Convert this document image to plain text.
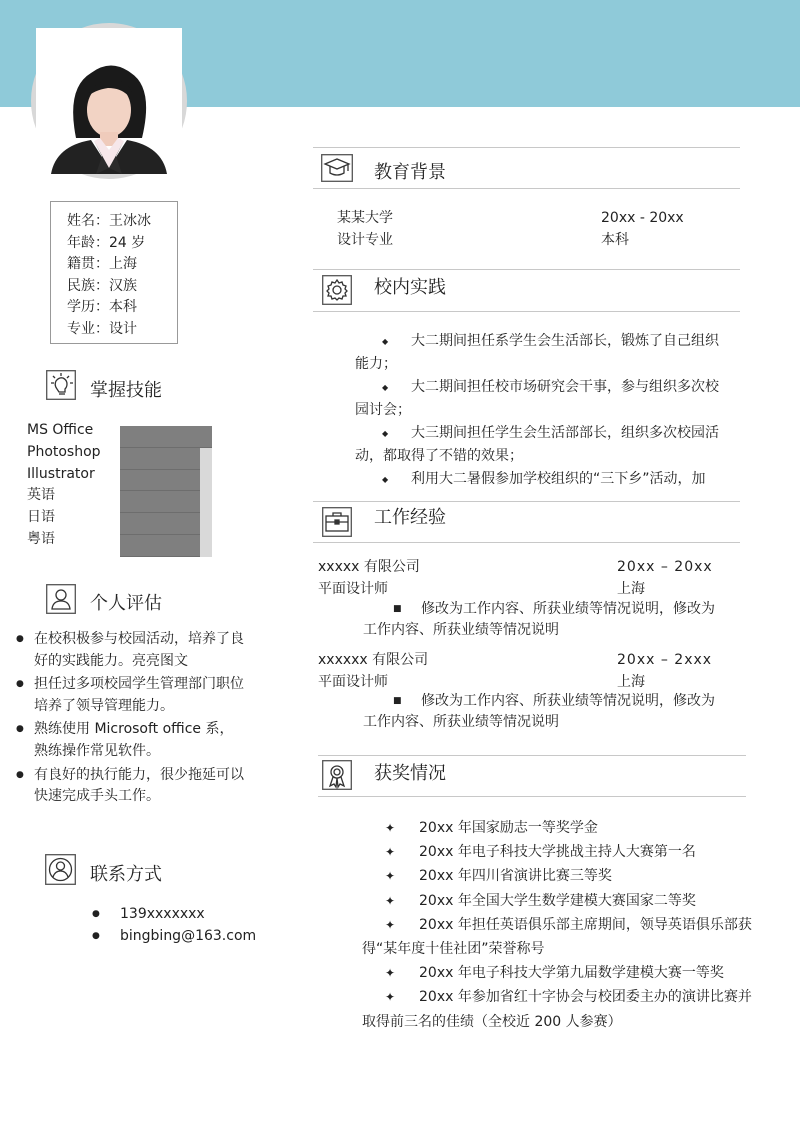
姓名：王冰冰
年龄：24 岁
籍贯：上海
民族：汉族
学历：本科
专业：设计
掌握技能
MS Office
Photoshop
Illustrator
英语
日语
粤语
个人评估
● 在校积极参与校园活动，培养了良好的实践能力。亮亮图文
● 担任过多项校园学生管理部门职位培养了领导管理能力。
● 熟练使用 Microsoft office 系，熟练操作常见软件。
● 有良好的执行能力，很少拖延可以快速完成手头工作。
联系方式
● 139xxxxxxx
● bingbing@163.com
教育背景
某某大学	20xx - 20xx
设计专业	本科
校内实践

◆ 大二期间担任系学生会生活部长，锻炼了自己组织能力；

◆ 大二期间担任校市场研究会干事，参与组织多次校园讨会；

◆ 大三期间担任学生会生活部部长，组织多次校园活动，都取得了不错的效果；

◆ 利用大二暑假参加学校组织的“三下乡”活动，加

工作经验
xxxxx 有限公司	20xx – 20xx
平面设计师	上海
■ 修改为工作内容、所获业绩等情况说明，修改为工作内容、所获业绩等情况说明
xxxxxx 有限公司	20xx – 2xxx
平面设计师	上海
■ 修改为工作内容、所获业绩等情况说明，修改为工作内容、所获业绩等情况说明
获奖情况

✦ 20xx 年国家励志一等奖学金

✦ 20xx 年电子科技大学挑战主持人大赛第一名

✦ 20xx 年四川省演讲比赛三等奖

✦ 20xx 年全国大学生数学建模大赛国家二等奖

✦ 20xx 年担任英语俱乐部主席期间，领导英语俱乐部获得“某年度十佳社团”荣誉称号

✦ 20xx 年电子科技大学第九届数学建模大赛一等奖

✦ 20xx 年参加省红十字协会与校团委主办的演讲比赛并取得前三名的佳绩（全校近 200 人参赛）
